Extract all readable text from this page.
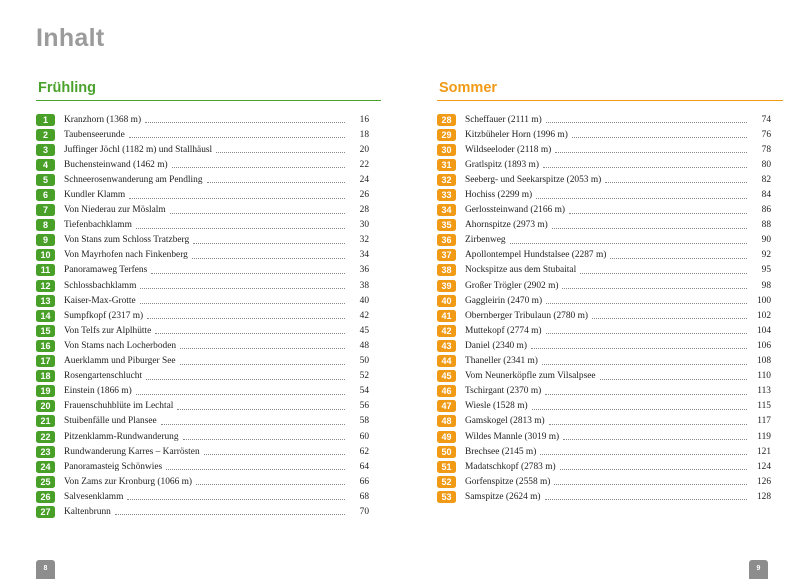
Inhalt
Frühling
1	Kranzhorn (1368 m)	16
2	Taubenseerunde	18
3	Juffinger Jöchl (1182 m) und Stallhäusl	20
4	Buchensteinwand (1462 m)	22
5	Schneerosenwanderung am Pendling	24
6	Kundler Klamm	26
7	Von Niederau zur Möslalm	28
8	Tiefenbachklamm	30
9	Von Stans zum Schloss Tratzberg	32
10	Von Mayrhofen nach Finkenberg	34
11	Panoramaweg Terfens	36
12	Schlossbachklamm	38
13	Kaiser-Max-Grotte	40
14	Sumpfkopf (2317 m)	42
15	Von Telfs zur Alplhütte	45
16	Von Stams nach Locherboden	48
17	Auerklamm und Piburger See	50
18	Rosengartenschlucht	52
19	Einstein (1866 m)	54
20	Frauenschuhblüte im Lechtal	56
21	Stuibenfälle und Plansee	58
22	Pitzenklamm-Rundwanderung	60
23	Rundwanderung Karres – Karrösten	62
24	Panoramasteig Schönwies	64
25	Von Zams zur Kronburg (1066 m)	66
26	Salvesenklamm	68
27	Kaltenbrunn	70
Sommer
28	Scheffauer (2111 m)	74
29	Kitzbüheler Horn (1996 m)	76
30	Wildseeloder (2118 m)	78
31	Gratlspitz (1893 m)	80
32	Seeberg- und Seekarspitze (2053 m)	82
33	Hochiss (2299 m)	84
34	Gerlossteinwand (2166 m)	86
35	Ahornspitze (2973 m)	88
36	Zirbenweg	90
37	Apollontempel Hundstalsee (2287 m)	92
38	Nockspitze aus dem Stubaital	95
39	Großer Trögler (2902 m)	98
40	Gaggleirin (2470 m)	100
41	Obernberger Tribulaun (2780 m)	102
42	Muttekopf (2774 m)	104
43	Daniel (2340 m)	106
44	Thaneller (2341 m)	108
45	Vom Neunerköpfle zum Vilsalpsee	110
46	Tschirgant (2370 m)	113
47	Wiesle (1528 m)	115
48	Gamskogel (2813 m)	117
49	Wildes Mannle (3019 m)	119
50	Brechsee (2145 m)	121
51	Madatschkopf (2783 m)	124
52	Gorfenspitze (2558 m)	126
53	Samspitze (2624 m)	128
8	9
